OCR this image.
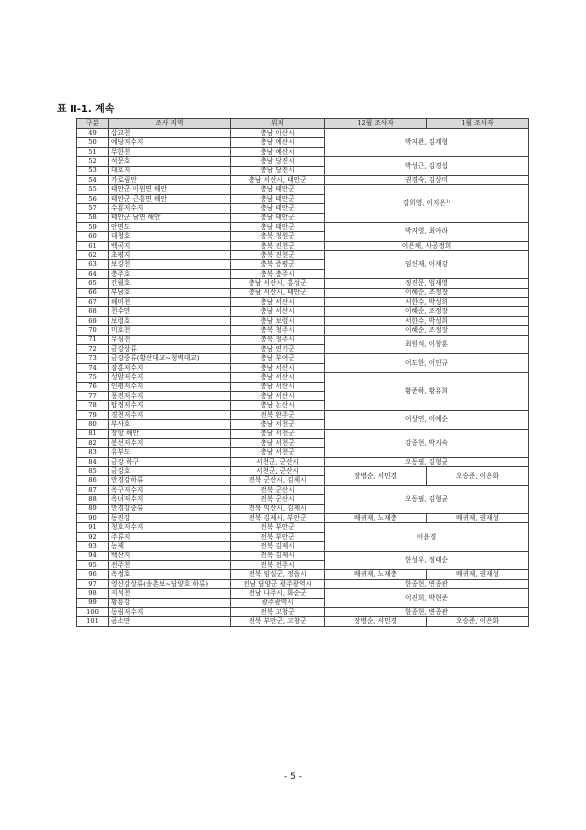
표 Ⅱ-1. 계속
구분	조사 지역	위치	12월 조사자	1월 조사자
49	삽교천	충남 아산시	박지완, 김계형	
50	예당저수지	충남 예산시		
51	무한천	충남 예산시		
52	석문호	충남 당진시	박성근, 김경섭	
53	대호지	충남 당진시		
54	가로림만	충남 서산시, 태안군	권경숙, 김상미	
55	태안군 이원면 해안	충남 태안군	강희영, 이지은¹⁾	
56	태안군 근흥면 해안	충남 태안군		
57	수룡저수지	충남 태안군		
58	태안군 남면 해안	충남 태안군		
59	안면도	충남 태안군	박지영, 최아라	
60	대청호	충북 청원군		
61	백곡지	충북 진천군	이은채, 사공정희	
62	초평지	충북 진천군	임신재, 이재강	
63	보강천	충북 증평군		
64	충주호	충북 충주시		
65	간월호	충남 서산시, 홍성군	정진문, 엄재영	
66	부남호	충남 서산시, 태안군	이혜순, 조정장	
67	해미천	충남 서산시	서한수, 박성희	
68	천수만	충남 서산시	이혜순, 조정장	
69	보령호	충남 보령시	서한수, 박성희	
70	미호천	충북 청주시	이혜순, 조정장	
71	무심천	충북 청주시	최원석, 이창훈	
72	금강상류	충남 연기군		
73	금강중류(황산대교~청벽대교)	충남 부여군	이도한, 이인규	
74	잠홍저수지	충남 서산시		
75	성암저수지	충남 서산시	황준하, 황유희	
76	인평저수지	충남 서산시		
77	풍전저수지	충남 서산시		
78	탑정저수지	충남 논산시		
79	경천저수지	전북 완주군	이상연, 이예순	
80	부사호	충남 서천군		
81	장항 해안	충남 서천군	강종현, 박지숙	
82	봉선저수지	충남 서천군		
83	유부도	충남 서천군		
84	금강 하구	서천군, 군산시	오동필, 김형균	
85	금강호	서천군, 군산시	장병순, 서민경	오승준, 이은화
86	만경강하류	전북 군산시, 김제시		
87	옥구저수지	전북 군산시	오동필, 김형균	
88	옥녀저수지	전북 군산시		
89	만경강중류	전북 익산시, 김제시		
90	동진강	전북 김제시, 부안군	배귀재, 노재충	배귀재, 권재성
91	청호저수지	전북 부안군	이윤경	
92	주류지	전북 부안군		
93	능제	전북 김제시		
94	백산지	전북 김제시	한성우, 정태순	
95	전주천	전북 전주시		
96	옥정호	전북 임실군, 정읍시	배귀재, 노재충	배귀재, 권재성
97	영산강상류(송촌보~담양호 하류)	전남 담양군 광주광역시	한종현, 변종관	
98	지석천	전남 나주시, 화순군	이진희, 박현준	
99	황룡강	광주광역시		
100	동림저수지	전북 고창군	한종현, 변종관	
101	곰소만	전북 부안군, 고창군	장병순, 서민경	오승준, 이은화
- 5 -
